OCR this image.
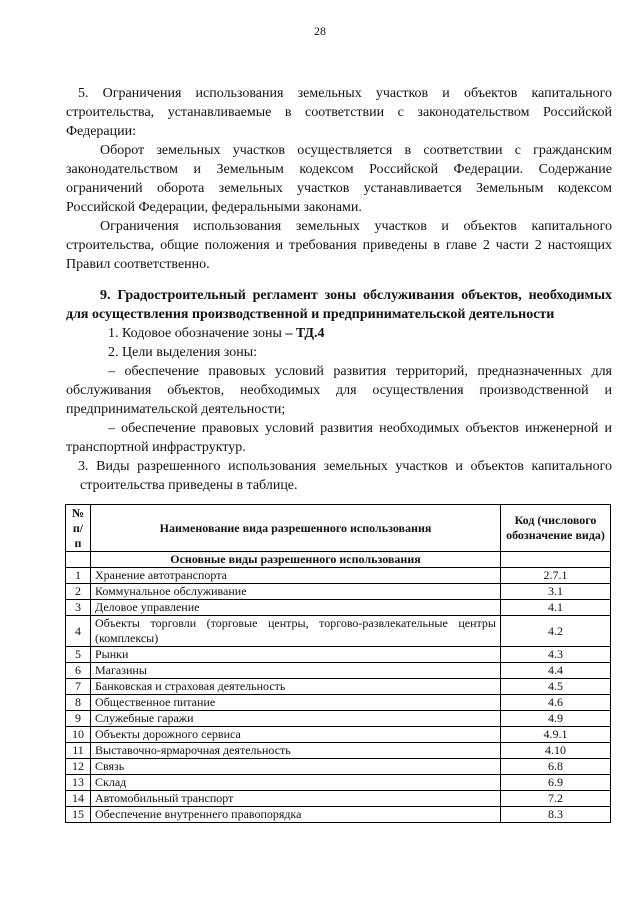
28

5. Ограничения использования земельных участков и объектов капитального строительства, устанавливаемые в соответствии с законодательством Российской Федерации:

Оборот земельных участков осуществляется в соответствии с гражданским законодательством и Земельным кодексом Российской Федерации. Содержание ограничений оборота земельных участков устанавливается Земельным кодексом Российской Федерации, федеральными законами.

Ограничения использования земельных участков и объектов капитального строительства, общие положения и требования приведены в главе 2 части 2 настоящих Правил соответственно.

9. Градостроительный регламент зоны обслуживания объектов, необходимых для осуществления производственной и предпринимательской деятельности

1. Кодовое обозначение зоны – ТД.4

2. Цели выделения зоны:

– обеспечение правовых условий развития территорий, предназначенных для обслуживания объектов, необходимых для осуществления производственной и предпринимательской деятельности;

– обеспечение правовых условий развития необходимых объектов инженерной и транспортной инфраструктур.

3. Виды разрешенного использования земельных участков и объектов капитального строительства приведены в таблице.

№ п/п	Наименование вида разрешенного использования	Код (числового обозначение вида)
	Основные виды разрешенного использования	
1	Хранение автотранспорта	2.7.1
2	Коммунальное обслуживание	3.1
3	Деловое управление	4.1
4	Объекты торговли (торговые центры, торгово-развлекательные центры (комплексы)	4.2
5	Рынки	4.3
6	Магазины	4.4
7	Банковская и страховая деятельность	4.5
8	Общественное питание	4.6
9	Служебные гаражи	4.9
10	Объекты дорожного сервиса	4.9.1
11	Выставочно-ярмарочная деятельность	4.10
12	Связь	6.8
13	Склад	6.9
14	Автомобильный транспорт	7.2
15	Обеспечение внутреннего правопорядка	8.3
